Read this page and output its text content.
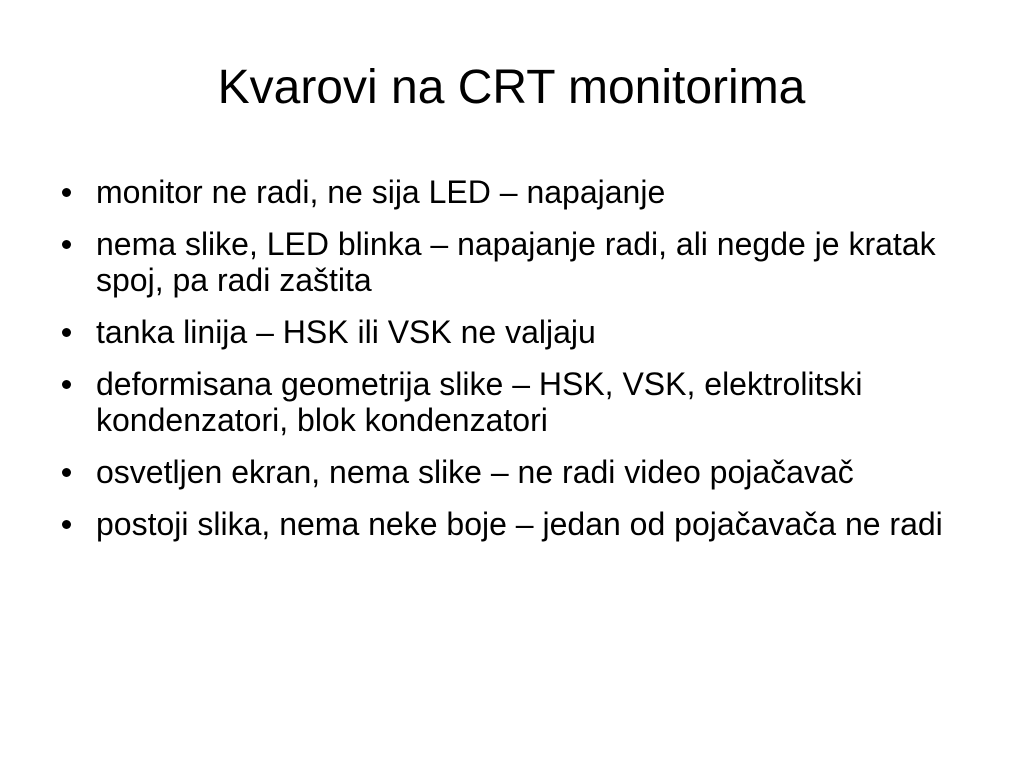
Kvarovi na CRT monitorima
monitor ne radi, ne sija LED – napajanje
nema slike, LED blinka – napajanje radi, ali negde je kratak spoj, pa radi zaštita
tanka linija – HSK ili VSK ne valjaju
deformisana geometrija slike – HSK, VSK, elektrolitski kondenzatori, blok kondenzatori
osvetljen ekran, nema slike – ne radi video pojačavač
postoji slika, nema neke boje – jedan od pojačavača ne radi
